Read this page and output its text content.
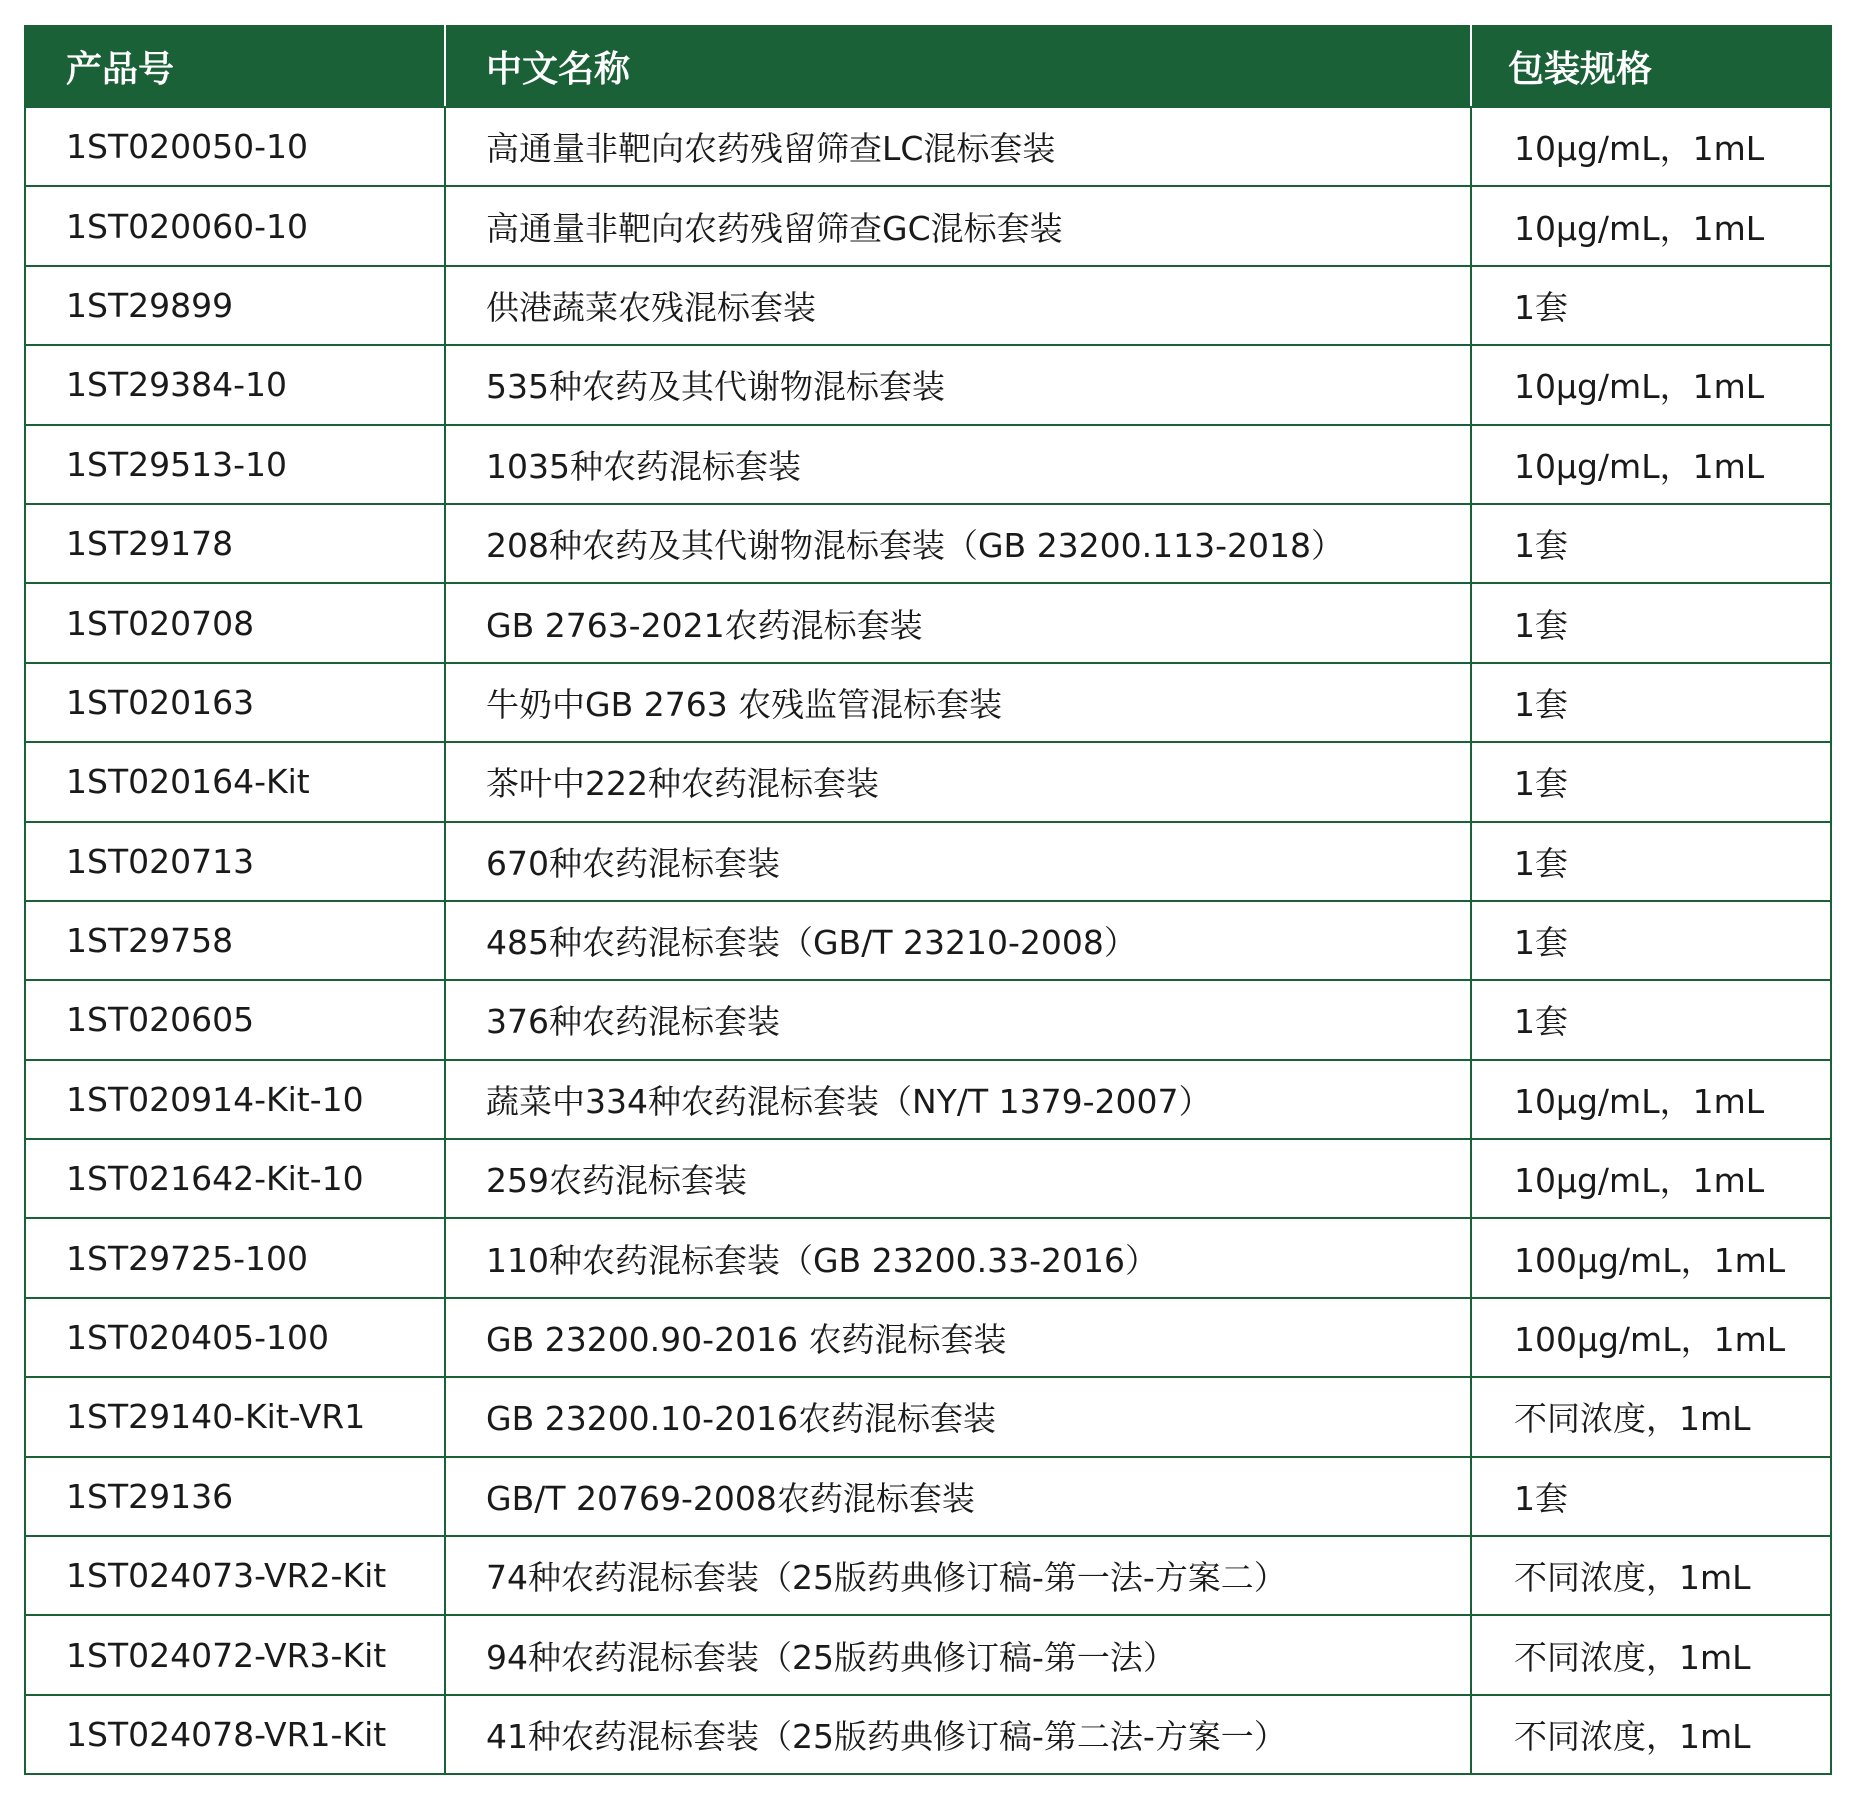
产品号	中文名称	包装规格
1ST020050-10	高通量非靶向农药残留筛查LC混标套装	10μg/mL，1mL
1ST020060-10	高通量非靶向农药残留筛查GC混标套装	10μg/mL，1mL
1ST29899	供港蔬菜农残混标套装	1套
1ST29384-10	535种农药及其代谢物混标套装	10μg/mL，1mL
1ST29513-10	1035种农药混标套装	10μg/mL，1mL
1ST29178	208种农药及其代谢物混标套装（GB 23200.113-2018）	1套
1ST020708	GB 2763-2021农药混标套装	1套
1ST020163	牛奶中GB 2763 农残监管混标套装	1套
1ST020164-Kit	茶叶中222种农药混标套装	1套
1ST020713	670种农药混标套装	1套
1ST29758	485种农药混标套装（GB/T 23210-2008）	1套
1ST020605	376种农药混标套装	1套
1ST020914-Kit-10	蔬菜中334种农药混标套装（NY/T 1379-2007）	10μg/mL，1mL
1ST021642-Kit-10	259农药混标套装	10μg/mL，1mL
1ST29725-100	110种农药混标套装（GB 23200.33-2016）	100μg/mL，1mL
1ST020405-100	GB 23200.90-2016 农药混标套装	100μg/mL，1mL
1ST29140-Kit-VR1	GB 23200.10-2016农药混标套装	不同浓度，1mL
1ST29136	GB/T 20769-2008农药混标套装	1套
1ST024073-VR2-Kit	74种农药混标套装（25版药典修订稿-第一法-方案二）	不同浓度，1mL
1ST024072-VR3-Kit	94种农药混标套装（25版药典修订稿-第一法）	不同浓度，1mL
1ST024078-VR1-Kit	41种农药混标套装（25版药典修订稿-第二法-方案一）	不同浓度，1mL
